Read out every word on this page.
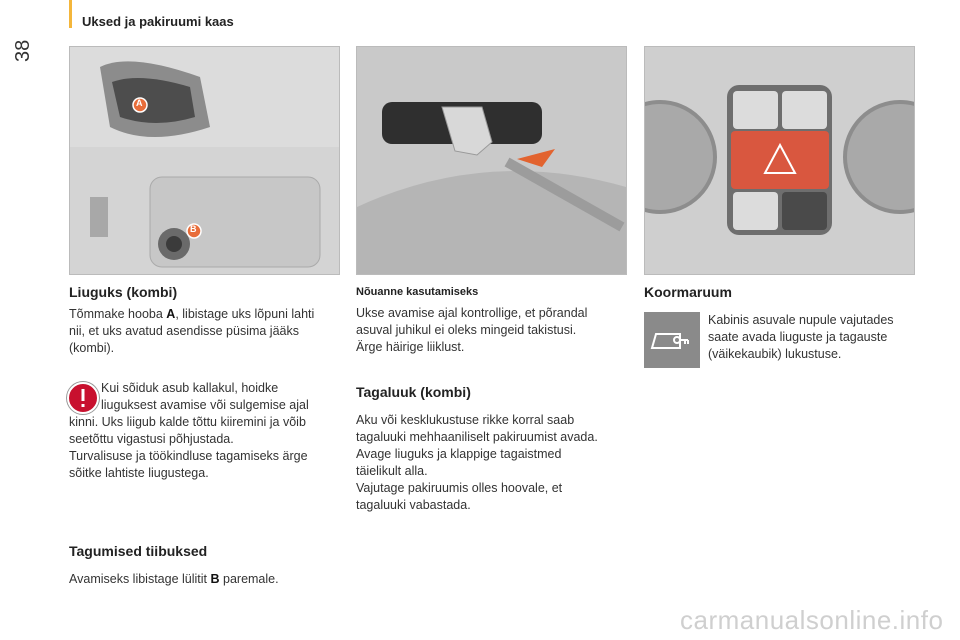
38
Uksed ja pakiruumi kaas
A
B
Liuguks (kombi)
Tõmmake hooba A, libistage uks lõpuni lahti
nii, et uks avatud asendisse püsima jääks
(kombi).
Kui sõiduk asub kallakul, hoidke
liuguksest avamise või sulgemise ajal
kinni. Uks liigub kalde tõttu kiiremini ja võib
seetõttu vigastusi põhjustada.
Turvalisuse ja töökindluse tagamiseks ärge
sõitke lahtiste liugustega.
Tagumised tiibuksed
Avamiseks libistage lülitit B paremale.
Nõuanne kasutamiseks
Ukse avamise ajal kontrollige, et põrandal
asuval juhikul ei oleks mingeid takistusi.
Ärge häirige liiklust.
Tagaluuk (kombi)
Aku või kesklukustuse rikke korral saab
tagaluuki mehhaaniliselt pakiruumist avada.
Avage liuguks ja klappige tagaistmed
täielikult alla.
Vajutage pakiruumis olles hoovale, et
tagaluuki vabastada.
Koormaruum
Kabinis asuvale nupule vajutades
saate avada liuguste ja tagauste
(väikekaubik) lukustuse.
carmanualsonline.info
